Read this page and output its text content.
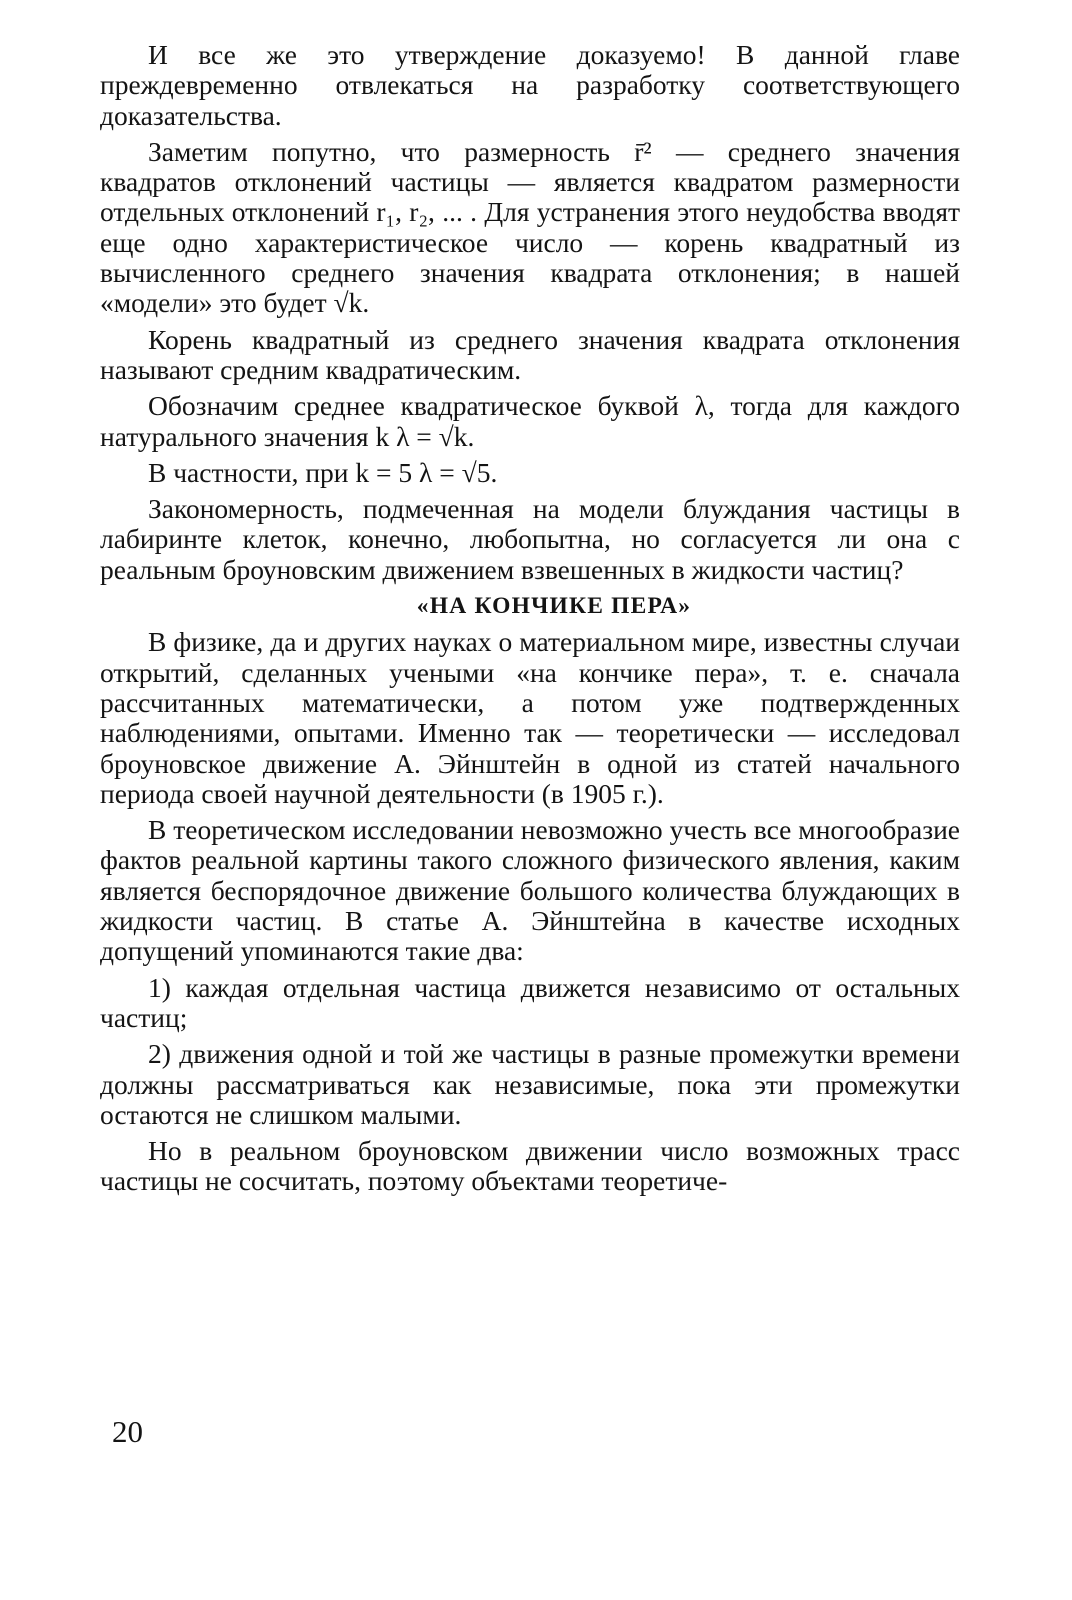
И все же это утверждение доказуемо! В данной главе преждевременно отвлекаться на разработку соответствующего доказательства.

Заметим попутно, что размерность r̄² — среднего значения квадратов отклонений частицы — является квадратом размерности отдельных отклонений r₁, r₂, ... . Для устранения этого неудобства вводят еще одно характеристическое число — корень квадратный из вычисленного среднего значения квадрата отклонения; в нашей «модели» это будет √k.

Корень квадратный из среднего значения квадрата отклонения называют средним квадратическим.

Обозначим среднее квадратическое буквой λ, тогда для каждого натурального значения k λ = √k.

В частности, при k = 5 λ = √5.

Закономерность, подмеченная на модели блуждания частицы в лабиринте клеток, конечно, любопытна, но согласуется ли она с реальным броуновским движением взвешенных в жидкости частиц?

«НА КОНЧИКЕ ПЕРА»

В физике, да и других науках о материальном мире, известны случаи открытий, сделанных учеными «на кончике пера», т. е. сначала рассчитанных математически, а потом уже подтвержденных наблюдениями, опытами. Именно так — теоретически — исследовал броуновское движение А. Эйнштейн в одной из статей начального периода своей научной деятельности (в 1905 г.).

В теоретическом исследовании невозможно учесть все многообразие фактов реальной картины такого сложного физического явления, каким является беспорядочное движение большого количества блуждающих в жидкости частиц. В статье А. Эйнштейна в качестве исходных допущений упоминаются такие два:

1) каждая отдельная частица движется независимо от остальных частиц;

2) движения одной и той же частицы в разные промежутки времени должны рассматриваться как независимые, пока эти промежутки остаются не слишком малыми.

Но в реальном броуновском движении число возможных трасс частицы не сосчитать, поэтому объектами теоретиче-

20
